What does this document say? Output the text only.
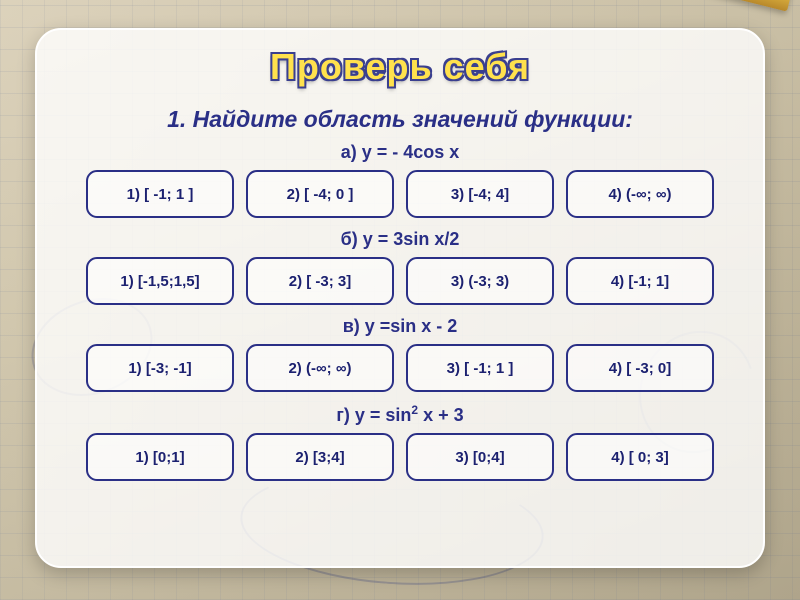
Проверь себя
1. Найдите область значений функции:
а) y = - 4cos x
1) [ -1; 1 ]	2) [ -4; 0 ]	3) [-4; 4]	4) (-∞; ∞)
б) y = 3sin x/2
1) [-1,5;1,5]	2) [ -3; 3]	3) (-3; 3)	4) [-1; 1]
в) y =sin x - 2
1) [-3; -1]	2) (-∞; ∞)	3) [ -1; 1 ]	4) [ -3; 0]
г) $y = \sin^2 x + 3$
1) [0;1]	2) [3;4]	3) [0;4]	4) [ 0; 3]
